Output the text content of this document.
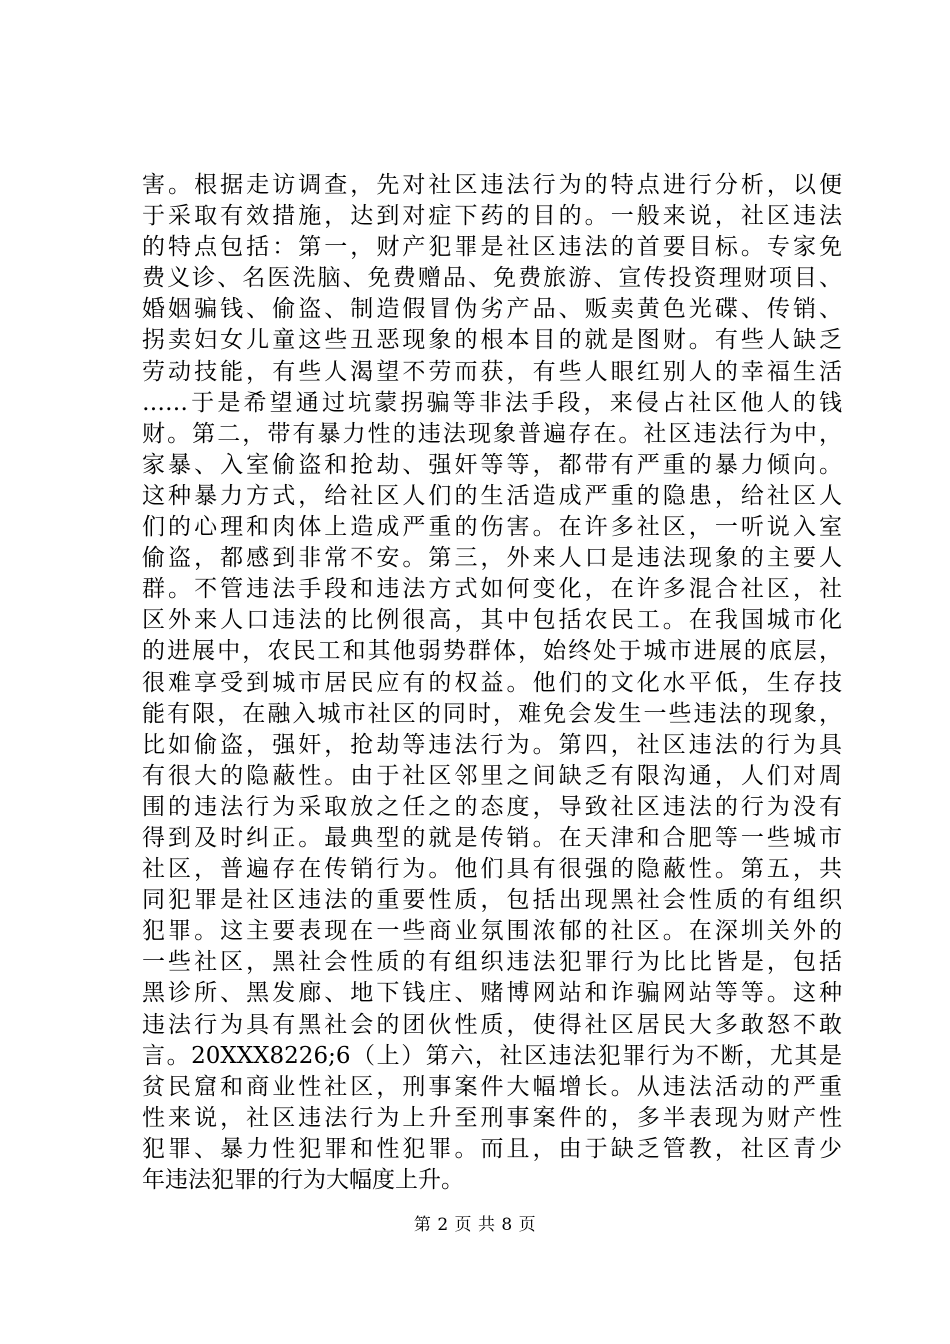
害。根据走访调查，先对社区违法行为的特点进行分析，以便
于采取有效措施，达到对症下药的目的。一般来说，社区违法
的特点包括：第一，财产犯罪是社区违法的首要目标。专家免
费义诊、名医洗脑、免费赠品、免费旅游、宣传投资理财项目、
婚姻骗钱、偷盗、制造假冒伪劣产品、贩卖黄色光碟、传销、
拐卖妇女儿童这些丑恶现象的根本目的就是图财。有些人缺乏
劳动技能，有些人渴望不劳而获，有些人眼红别人的幸福生活
……于是希望通过坑蒙拐骗等非法手段，来侵占社区他人的钱
财。第二，带有暴力性的违法现象普遍存在。社区违法行为中，
家暴、入室偷盗和抢劫、强奸等等，都带有严重的暴力倾向。
这种暴力方式，给社区人们的生活造成严重的隐患，给社区人
们的心理和肉体上造成严重的伤害。在许多社区，一听说入室
偷盗，都感到非常不安。第三，外来人口是违法现象的主要人
群。不管违法手段和违法方式如何变化，在许多混合社区，社
区外来人口违法的比例很高，其中包括农民工。在我国城市化
的进展中，农民工和其他弱势群体，始终处于城市进展的底层，
很难享受到城市居民应有的权益。他们的文化水平低，生存技
能有限，在融入城市社区的同时，难免会发生一些违法的现象，
比如偷盗，强奸，抢劫等违法行为。第四，社区违法的行为具
有很大的隐蔽性。由于社区邻里之间缺乏有限沟通，人们对周
围的违法行为采取放之任之的态度，导致社区违法的行为没有
得到及时纠正。最典型的就是传销。在天津和合肥等一些城市
社区，普遍存在传销行为。他们具有很强的隐蔽性。第五，共
同犯罪是社区违法的重要性质，包括出现黑社会性质的有组织
犯罪。这主要表现在一些商业氛围浓郁的社区。在深圳关外的
一些社区，黑社会性质的有组织违法犯罪行为比比皆是，包括
黑诊所、黑发廊、地下钱庄、赌博网站和诈骗网站等等。这种
违法行为具有黑社会的团伙性质，使得社区居民大多敢怒不敢
言。20XXX8226;6（上）第六，社区违法犯罪行为不断，尤其是
贫民窟和商业性社区，刑事案件大幅增长。从违法活动的严重
性来说，社区违法行为上升至刑事案件的，多半表现为财产性
犯罪、暴力性犯罪和性犯罪。而且，由于缺乏管教，社区青少
年违法犯罪的行为大幅度上升。
第 2 页 共 8 页
